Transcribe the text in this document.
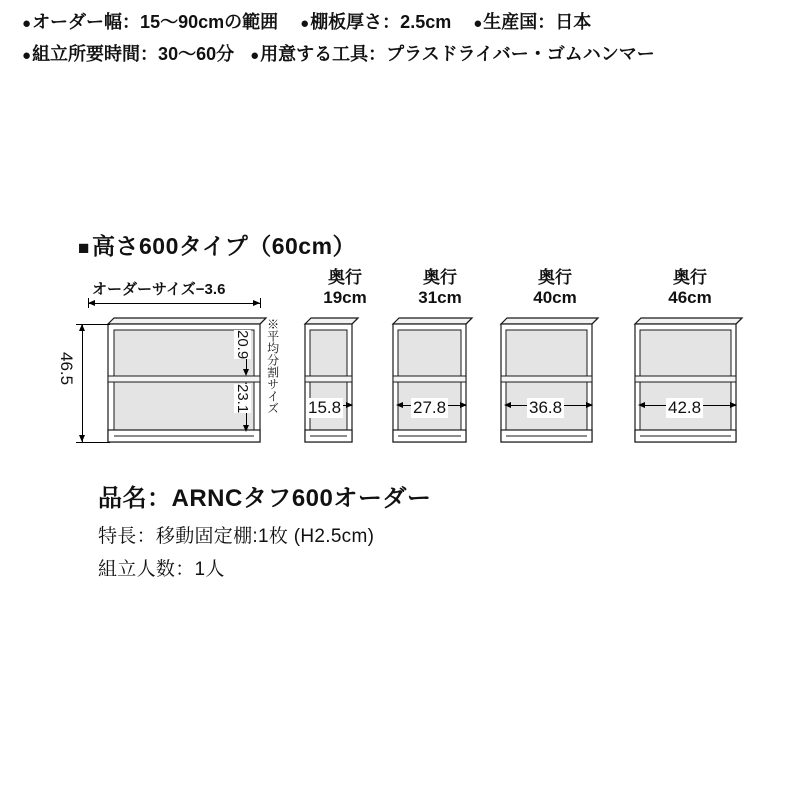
● オーダー幅：15〜90cmの範囲 ● 棚板厚さ：2.5cm ● 生産国：日本
● 組立所要時間：30〜60分 ● 用意する工具：プラスドライバー・ゴムハンマー
■高さ600タイプ（60cm）
オーダーサイズ−3.6
46.5
20.9
23.1 ※平均分割サイズ
奥行
19cm
15.8
奥行
31cm
27.8
奥行
40cm
36.8
奥行
46cm
42.8
品名：ARNCタフ600オーダー
特長：移動固定棚:1枚 (H2.5cm)
組立人数：1人
